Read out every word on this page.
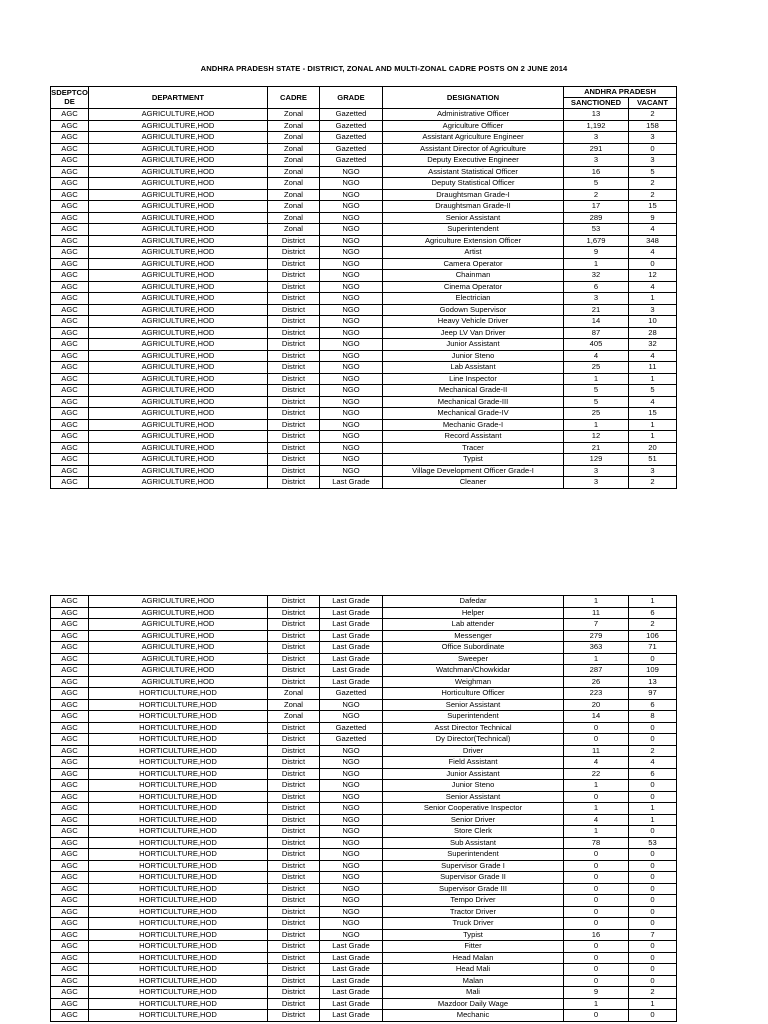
ANDHRA PRADESH STATE - DISTRICT, ZONAL AND MULTI-ZONAL CADRE POSTS ON 2 JUNE 2014
SDEPTCO DE	DEPARTMENT	CADRE	GRADE	DESIGNATION	ANDHRA PRADESH	
					SANCTIONED	VACANT
AGC	AGRICULTURE,HOD	Zonal	Gazetted	Administrative Officer	13	2
AGC	AGRICULTURE,HOD	Zonal	Gazetted	Agriculture Officer	1,192	158
AGC	AGRICULTURE,HOD	Zonal	Gazetted	Assistant Agriculture Engineer	3	3
AGC	AGRICULTURE,HOD	Zonal	Gazetted	Assistant Director of Agriculture	291	0
AGC	AGRICULTURE,HOD	Zonal	Gazetted	Deputy Executive Engineer	3	3
AGC	AGRICULTURE,HOD	Zonal	NGO	Assistant Statistical Officer	16	5
AGC	AGRICULTURE,HOD	Zonal	NGO	Deputy Statistical Officer	5	2
AGC	AGRICULTURE,HOD	Zonal	NGO	Draughtsman Grade-I	2	2
AGC	AGRICULTURE,HOD	Zonal	NGO	Draughtsman Grade-II	17	15
AGC	AGRICULTURE,HOD	Zonal	NGO	Senior Assistant	289	9
AGC	AGRICULTURE,HOD	Zonal	NGO	Superintendent	53	4
AGC	AGRICULTURE,HOD	District	NGO	Agriculture Extension Officer	1,679	348
AGC	AGRICULTURE,HOD	District	NGO	Artist	9	4
AGC	AGRICULTURE,HOD	District	NGO	Camera Operator	1	0
AGC	AGRICULTURE,HOD	District	NGO	Chainman	32	12
AGC	AGRICULTURE,HOD	District	NGO	Cinema Operator	6	4
AGC	AGRICULTURE,HOD	District	NGO	Electrician	3	1
AGC	AGRICULTURE,HOD	District	NGO	Godown Supervisor	21	3
AGC	AGRICULTURE,HOD	District	NGO	Heavy Vehicle Driver	14	10
AGC	AGRICULTURE,HOD	District	NGO	Jeep LV Van Driver	87	28
AGC	AGRICULTURE,HOD	District	NGO	Junior Assistant	405	32
AGC	AGRICULTURE,HOD	District	NGO	Junior Steno	4	4
AGC	AGRICULTURE,HOD	District	NGO	Lab Assistant	25	11
AGC	AGRICULTURE,HOD	District	NGO	Line Inspector	1	1
AGC	AGRICULTURE,HOD	District	NGO	Mechanical Grade-II	5	5
AGC	AGRICULTURE,HOD	District	NGO	Mechanical Grade-III	5	4
AGC	AGRICULTURE,HOD	District	NGO	Mechanical Grade-IV	25	15
AGC	AGRICULTURE,HOD	District	NGO	Mechanic Grade-I	1	1
AGC	AGRICULTURE,HOD	District	NGO	Record Assistant	12	1
AGC	AGRICULTURE,HOD	District	NGO	Tracer	21	20
AGC	AGRICULTURE,HOD	District	NGO	Typist	129	51
AGC	AGRICULTURE,HOD	District	NGO	Village Development Officer Grade-I	3	3
AGC	AGRICULTURE,HOD	District	Last Grade	Cleaner	3	2
AGC	AGRICULTURE,HOD	District	Last Grade	Dafedar	1	1
AGC	AGRICULTURE,HOD	District	Last Grade	Helper	11	6
AGC	AGRICULTURE,HOD	District	Last Grade	Lab attender	7	2
AGC	AGRICULTURE,HOD	District	Last Grade	Messenger	279	106
AGC	AGRICULTURE,HOD	District	Last Grade	Office Subordinate	363	71
AGC	AGRICULTURE,HOD	District	Last Grade	Sweeper	1	0
AGC	AGRICULTURE,HOD	District	Last Grade	Watchman/Chowkidar	287	109
AGC	AGRICULTURE,HOD	District	Last Grade	Weighman	26	13
AGC	HORTICULTURE,HOD	Zonal	Gazetted	Horticulture Officer	223	97
AGC	HORTICULTURE,HOD	Zonal	NGO	Senior Assistant	20	6
AGC	HORTICULTURE,HOD	Zonal	NGO	Superintendent	14	8
AGC	HORTICULTURE,HOD	District	Gazetted	Asst Director Technical	0	0
AGC	HORTICULTURE,HOD	District	Gazetted	Dy Director(Technical)	0	0
AGC	HORTICULTURE,HOD	District	NGO	Driver	11	2
AGC	HORTICULTURE,HOD	District	NGO	Field Assistant	4	4
AGC	HORTICULTURE,HOD	District	NGO	Junior Assistant	22	6
AGC	HORTICULTURE,HOD	District	NGO	Junior Steno	1	0
AGC	HORTICULTURE,HOD	District	NGO	Senior Assistant	0	0
AGC	HORTICULTURE,HOD	District	NGO	Senior Cooperative Inspector	1	1
AGC	HORTICULTURE,HOD	District	NGO	Senior Driver	4	1
AGC	HORTICULTURE,HOD	District	NGO	Store Clerk	1	0
AGC	HORTICULTURE,HOD	District	NGO	Sub Assistant	78	53
AGC	HORTICULTURE,HOD	District	NGO	Superintendent	0	0
AGC	HORTICULTURE,HOD	District	NGO	Supervisor Grade I	0	0
AGC	HORTICULTURE,HOD	District	NGO	Supervisor Grade II	0	0
AGC	HORTICULTURE,HOD	District	NGO	Supervisor Grade III	0	0
AGC	HORTICULTURE,HOD	District	NGO	Tempo Driver	0	0
AGC	HORTICULTURE,HOD	District	NGO	Tractor Driver	0	0
AGC	HORTICULTURE,HOD	District	NGO	Truck Driver	0	0
AGC	HORTICULTURE,HOD	District	NGO	Typist	16	7
AGC	HORTICULTURE,HOD	District	Last Grade	Fitter	0	0
AGC	HORTICULTURE,HOD	District	Last Grade	Head Malan	0	0
AGC	HORTICULTURE,HOD	District	Last Grade	Head Mali	0	0
AGC	HORTICULTURE,HOD	District	Last Grade	Malan	0	0
AGC	HORTICULTURE,HOD	District	Last Grade	Mali	9	2
AGC	HORTICULTURE,HOD	District	Last Grade	Mazdoor Daily Wage	1	1
AGC	HORTICULTURE,HOD	District	Last Grade	Mechanic	0	0
